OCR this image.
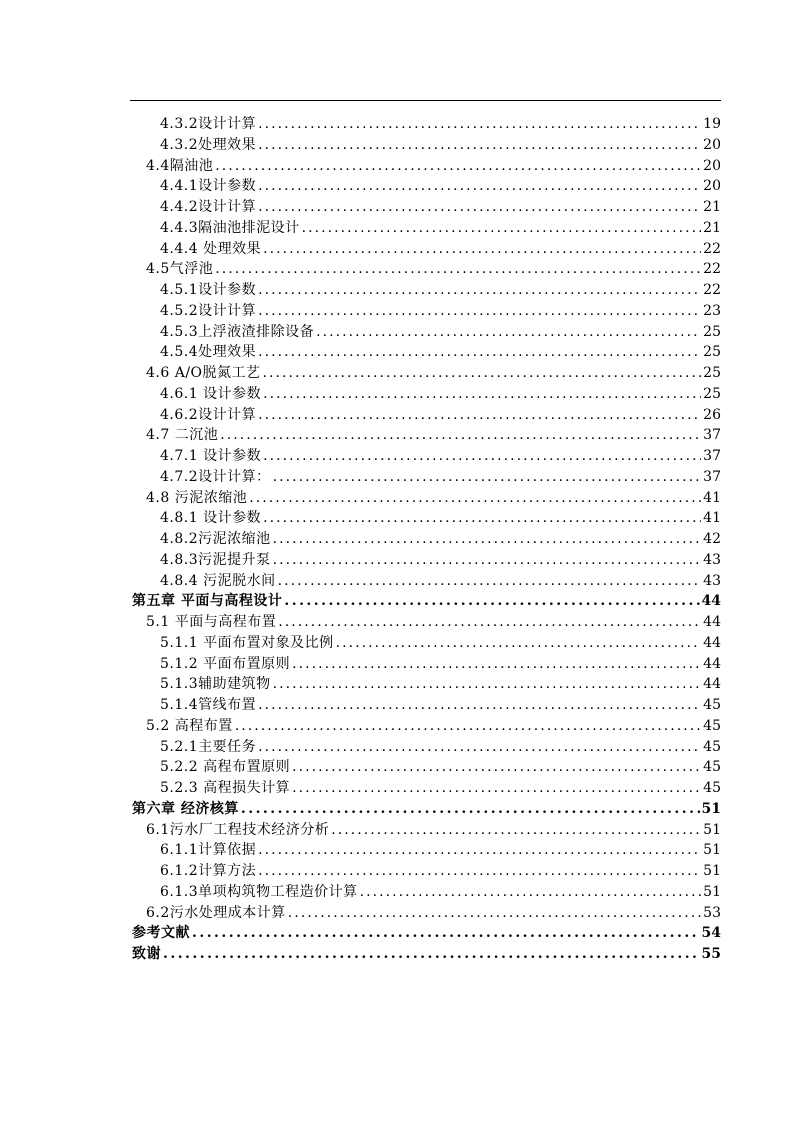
4.3.2设计计算 . . .	19
4.3.2处理效果 . . .	20
4.4隔油池 . . .	20
4.4.1设计参数 . . .	20
4.4.2设计计算 . . .	21
4.4.3隔油池排泥设计 . . .	21
4.4.4 处理效果 . . .	22
4.5气浮池 . . .	22
4.5.1设计参数 . . .	22
4.5.2设计计算 . . .	23
4.5.3上浮液渣排除设备 . . .	25
4.5.4处理效果 . . .	25
4.6 A/O脱氮工艺 . . .	25
4.6.1 设计参数 . . .	25
4.6.2设计计算 . . .	26
4.7 二沉池 . . .	37
4.7.1 设计参数 . . .	37
4.7.2设计计算： . . .	37
4.8 污泥浓缩池 . . .	41
4.8.1 设计参数 . . .	41
4.8.2污泥浓缩池 . . .	42
4.8.3污泥提升泵 . . .	43
4.8.4 污泥脱水间 . . .	43
第五章 平面与高程设计 . . .	44
5.1 平面与高程布置 . . .	44
5.1.1 平面布置对象及比例 . . .	44
5.1.2 平面布置原则 . . .	44
5.1.3辅助建筑物 . . .	44
5.1.4管线布置 . . .	45
5.2 高程布置 . . .	45
5.2.1主要任务 . . .	45
5.2.2 高程布置原则 . . .	45
5.2.3 高程损失计算 . . .	45
第六章 经济核算 . . .	51
6.1污水厂工程技术经济分析 . . .	51
6.1.1计算依据 . . .	51
6.1.2计算方法 . . .	51
6.1.3单项构筑物工程造价计算 . . .	51
6.2污水处理成本计算 . . .	53
参考文献 . . .	54
致谢 . . .	55
